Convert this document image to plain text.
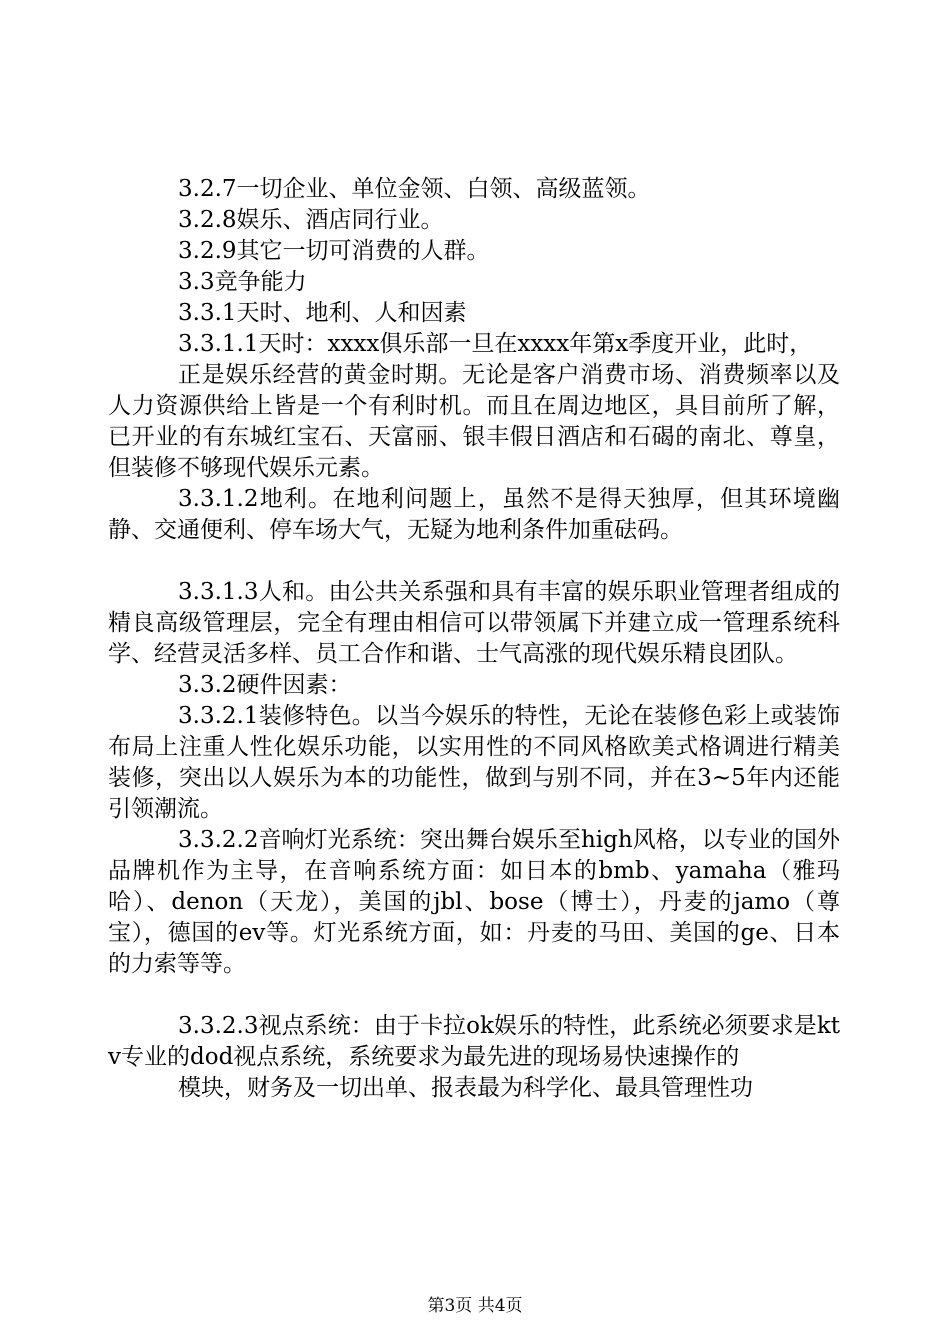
3.2.7一切企业、单位金领、白领、高级蓝领。

3.2.8娱乐、酒店同行业。

3.2.9其它一切可消费的人群。

3.3竞争能力

3.3.1天时、地利、人和因素

3.3.1.1天时：xxxx俱乐部一旦在xxxx年第x季度开业，此时，

正是娱乐经营的黄金时期。无论是客户消费市场、消费频率以及人力资源供给上皆是一个有利时机。而且在周边地区，具目前所了解，已开业的有东城红宝石、天富丽、银丰假日酒店和石碣的南北、尊皇，但装修不够现代娱乐元素。

3.3.1.2地利。在地利问题上，虽然不是得天独厚，但其环境幽静、交通便利、停车场大气，无疑为地利条件加重砝码。

3.3.1.3人和。由公共关系强和具有丰富的娱乐职业管理者组成的精良高级管理层，完全有理由相信可以带领属下并建立成一管理系统科学、经营灵活多样、员工合作和谐、士气高涨的现代娱乐精良团队。

3.3.2硬件因素：

3.3.2.1装修特色。以当今娱乐的特性，无论在装修色彩上或装饰布局上注重人性化娱乐功能，以实用性的不同风格欧美式格调进行精美装修，突出以人娱乐为本的功能性，做到与别不同，并在3~5年内还能引领潮流。

3.3.2.2音响灯光系统：突出舞台娱乐至high风格，以专业的国外品牌机作为主导，在音响系统方面：如日本的bmb、yamaha（雅玛哈）、denon（天龙），美国的jbl、bose（博士），丹麦的jamo（尊宝），德国的ev等。灯光系统方面，如：丹麦的马田、美国的ge、日本的力索等等。

3.3.2.3视点系统：由于卡拉ok娱乐的特性，此系统必须要求是ktv专业的dod视点系统，系统要求为最先进的现场易快速操作的

模块，财务及一切出单、报表最为科学化、最具管理性功

第3页 共4页
